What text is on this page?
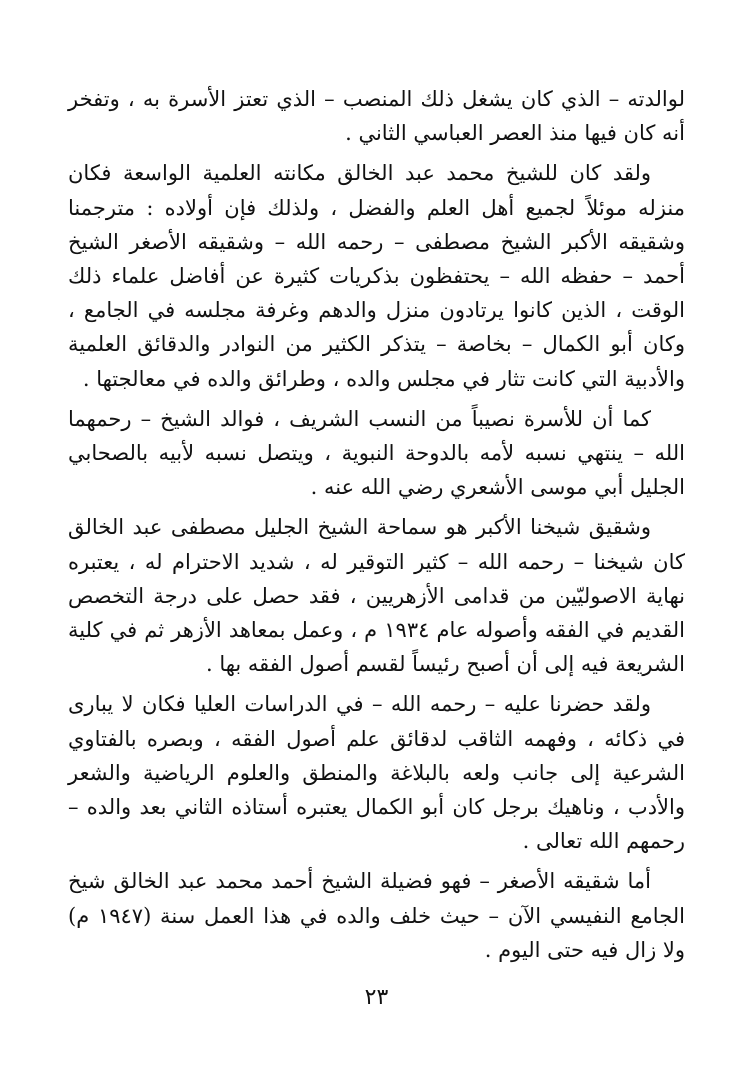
لوالدته – الذي كان يشغل ذلك المنصب – الذي تعتز الأسرة به ، وتفخر أنه كان فيها منذ العصر العباسي الثاني .

ولقد كان للشيخ محمد عبد الخالق مكانته العلمية الواسعة فكان منزله موئلاً لجميع أهل العلم والفضل ، ولذلك فإن أولاده : مترجمنا وشقيقه الأكبر الشيخ مصطفى – رحمه الله – وشقيقه الأصغر الشيخ أحمد – حفظه الله – يحتفظون بذكريات كثيرة عن أفاضل علماء ذلك الوقت ، الذين كانوا يرتادون منزل والدهم وغرفة مجلسه في الجامع ، وكان أبو الكمال – بخاصة – يتذكر الكثير من النوادر والدقائق العلمية والأدبية التي كانت تثار في مجلس والده ، وطرائق والده في معالجتها .

كما أن للأسرة نصيباً من النسب الشريف ، فوالد الشيخ – رحمهما الله – ينتهي نسبه لأمه بالدوحة النبوية ، ويتصل نسبه لأبيه بالصحابي الجليل أبي موسى الأشعري رضي الله عنه .

وشقيق شيخنا الأكبر هو سماحة الشيخ الجليل مصطفى عبد الخالق كان شيخنا – رحمه الله – كثير التوقير له ، شديد الاحترام له ، يعتبره نهاية الاصوليّين من قدامى الأزهريين ، فقد حصل على درجة التخصص القديم في الفقه وأصوله عام ١٩٣٤ م ، وعمل بمعاهد الأزهر ثم في كلية الشريعة فيه إلى أن أصبح رئيساً لقسم أصول الفقه بها .

ولقد حضرنا عليه – رحمه الله – في الدراسات العليا فكان لا يبارى في ذكائه ، وفهمه الثاقب لدقائق علم أصول الفقه ، وبصره بالفتاوي الشرعية إلى جانب ولعه بالبلاغة والمنطق والعلوم الرياضية والشعر والأدب ، وناهيك برجل كان أبو الكمال يعتبره أستاذه الثاني بعد والده – رحمهم الله تعالى .

أما شقيقه الأصغر – فهو فضيلة الشيخ أحمد محمد عبد الخالق شيخ الجامع النفيسي الآن – حيث خلف والده في هذا العمل سنة (١٩٤٧ م) ولا زال فيه حتى اليوم .

٢٣
